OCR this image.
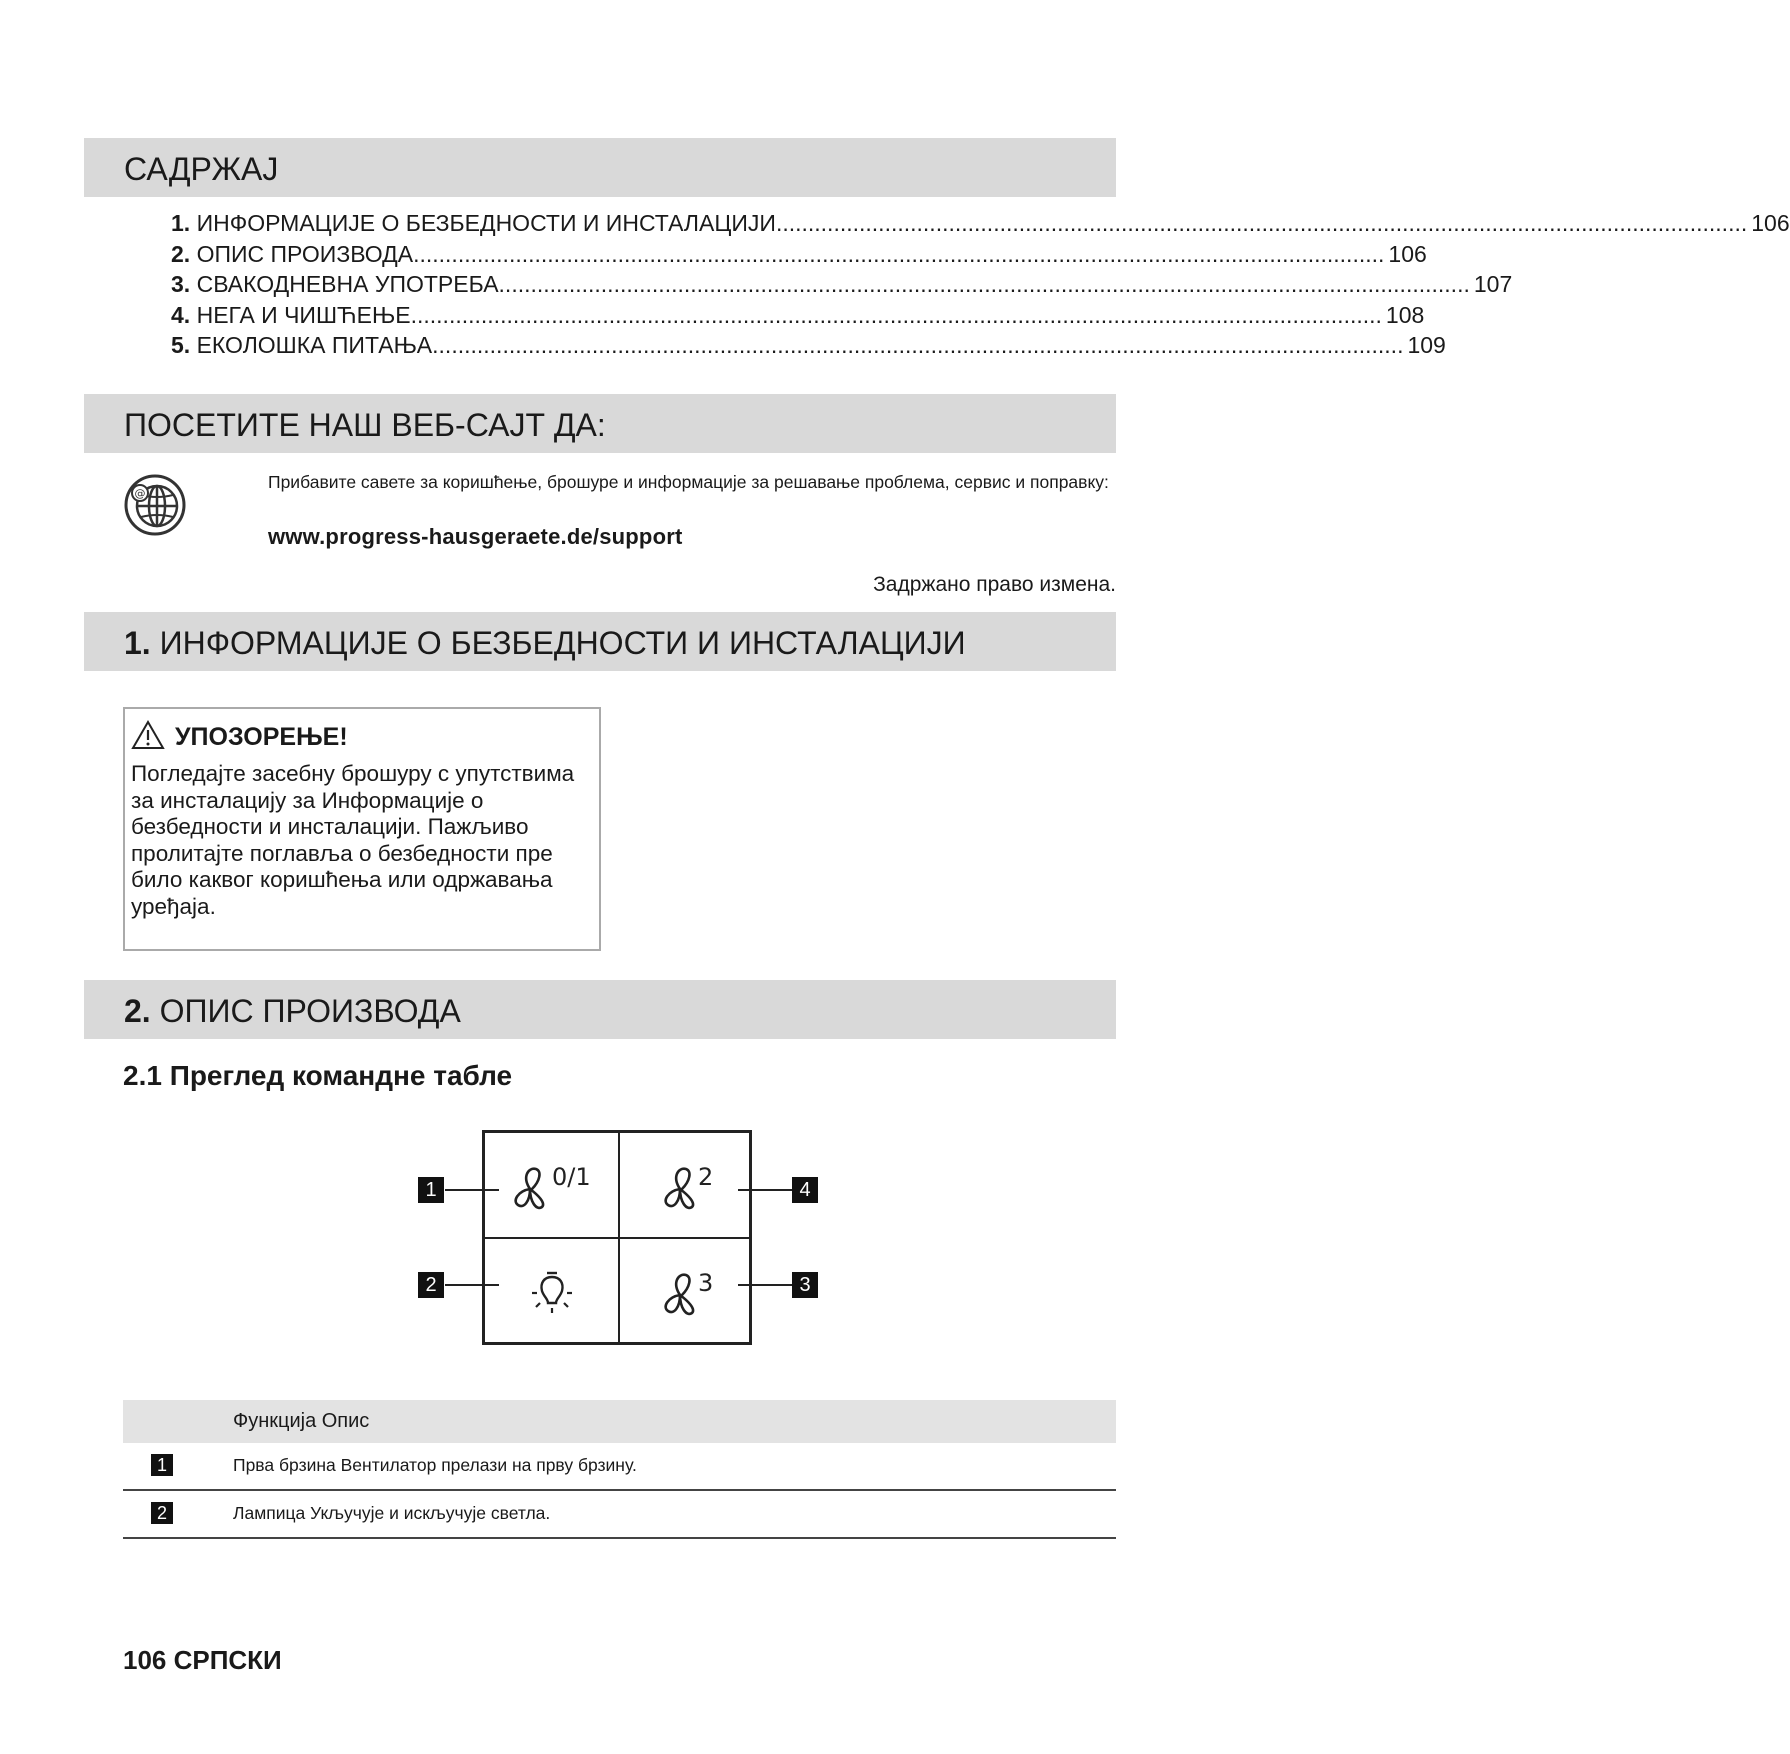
САДРЖАЈ
1. ИНФОРМАЦИЈЕ О БЕЗБЕДНОСТИ И ИНСТАЛАЦИЈИ ........................................................................................................................................................ 106
2. ОПИС ПРОИЗВОДА ........................................................................................................................................................ 106
3. СВАКОДНЕВНА УПОТРЕБА ........................................................................................................................................................ 107
4. НЕГА И ЧИШЋЕЊЕ ........................................................................................................................................................ 108
5. ЕКОЛОШКА ПИТАЊА ........................................................................................................................................................ 109
ПОСЕТИТЕ НАШ ВЕБ-САЈТ ДА:
@
Прибавите савете за коришћење, брошуре и информације за решавање проблема, сервис и поправку:
www.progress-hausgeraete.de/support
Задржано право измена.
1. ИНФОРМАЦИЈЕ О БЕЗБЕДНОСТИ И ИНСТАЛАЦИЈИ
УПОЗОРЕЊЕ!
Погледајте засебну брошуру с упутствима за инсталацију за Информације о безбедности и инсталацији. Пажљиво пролитајте поглавља о безбедности пре било каквог коришћења или одржавања уређаја.
2. ОПИС ПРОИЗВОДА
2.1 Преглед командне табле
0/1	2
3
1
2	3
4
Функција Опис
1	Прва брзина Вентилатор прелази на прву брзину.
2	Лампица Укључује и искључује светла.
106 СРПСКИ
